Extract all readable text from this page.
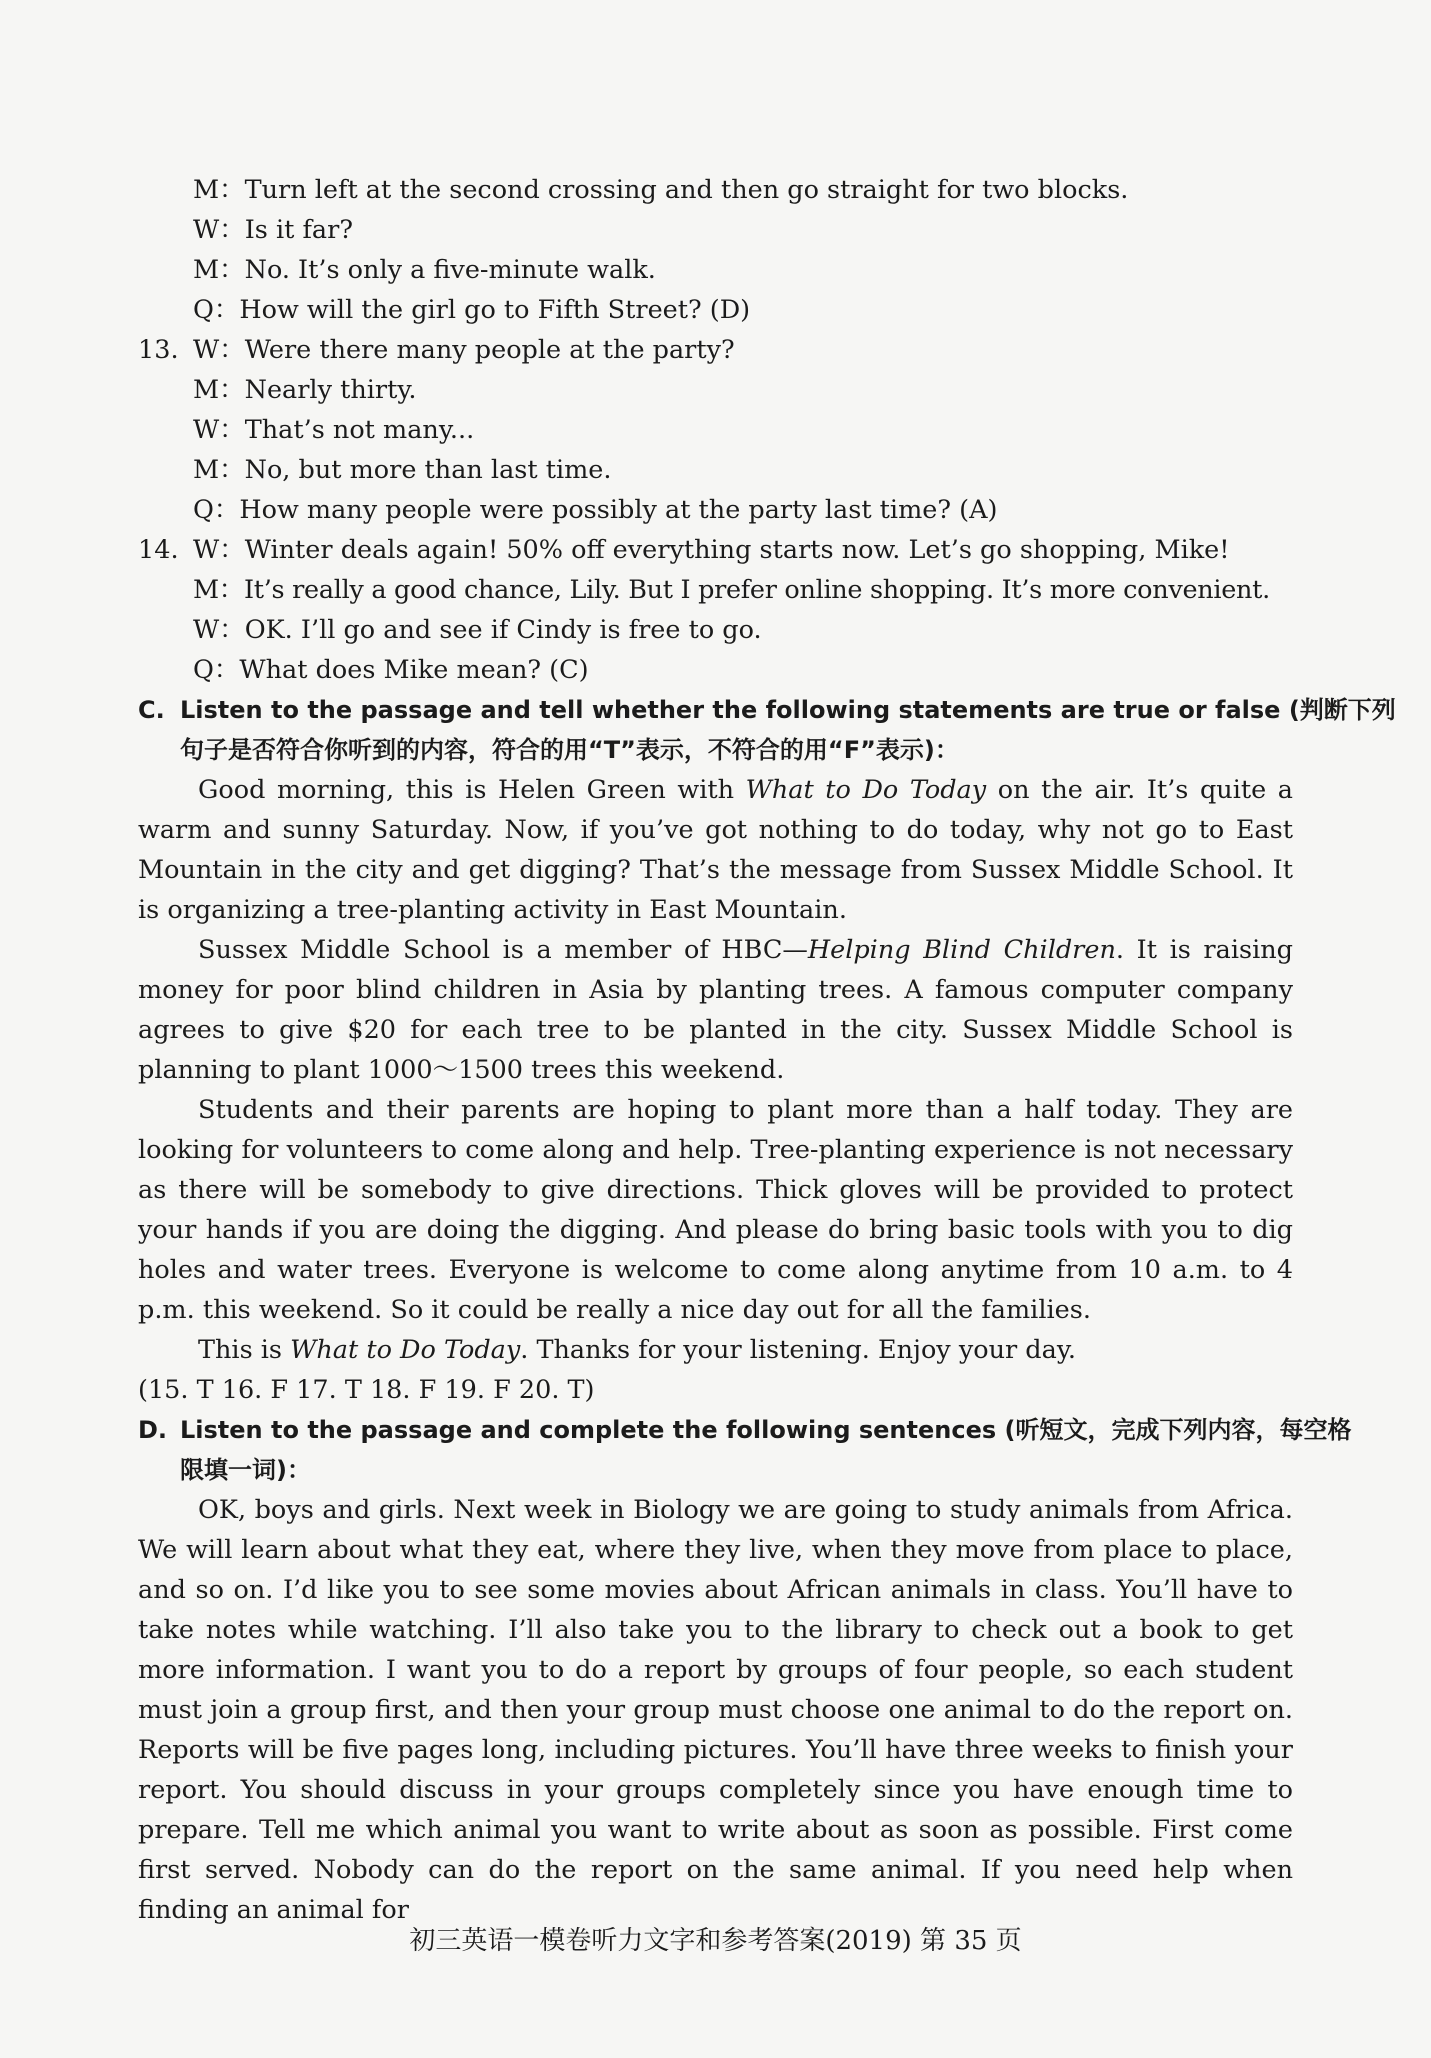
M：Turn left at the second crossing and then go straight for two blocks.
W：Is it far?
M：No. It’s only a five-minute walk.
Q：How will the girl go to Fifth Street? (D)
13. W： Were there many people at the party?
M：Nearly thirty.
W：That’s not many...
M：No, but more than last time.
Q：How many people were possibly at the party last time? (A)
14. W： Winter deals again! 50% off everything starts now. Let’s go shopping, Mike!
M：It’s really a good chance, Lily. But I prefer online shopping. It’s more convenient.
W：OK. I’ll go and see if Cindy is free to go.
Q：What does Mike mean? (C)
C. Listen to the passage and tell whether the following statements are true or false (判断下列
句子是否符合你听到的内容，符合的用“T”表示，不符合的用“F”表示)：

Good morning, this is Helen Green with What to Do Today on the air. It’s quite a warm and sunny Saturday. Now, if you’ve got nothing to do today, why not go to East Mountain in the city and get digging? That’s the message from Sussex Middle School. It is organizing a tree-planting activity in East Mountain.

Sussex Middle School is a member of HBC—Helping Blind Children. It is raising money for poor blind children in Asia by planting trees. A famous computer company agrees to give $20 for each tree to be planted in the city. Sussex Middle School is planning to plant 1000～1500 trees this weekend.

Students and their parents are hoping to plant more than a half today. They are looking for volunteers to come along and help. Tree-planting experience is not necessary as there will be somebody to give directions. Thick gloves will be provided to protect your hands if you are doing the digging. And please do bring basic tools with you to dig holes and water trees. Everyone is welcome to come along anytime from 10 a.m. to 4 p.m. this weekend. So it could be really a nice day out for all the families.

This is What to Do Today. Thanks for your listening. Enjoy your day.

(15. T 16. F 17. T 18. F 19. F 20. T)
D. Listen to the passage and complete the following sentences (听短文，完成下列内容，每空格
限填一词)：

OK, boys and girls. Next week in Biology we are going to study animals from Africa. We will learn about what they eat, where they live, when they move from place to place, and so on. I’d like you to see some movies about African animals in class. You’ll have to take notes while watching. I’ll also take you to the library to check out a book to get more information. I want you to do a report by groups of four people, so each student must join a group first, and then your group must choose one animal to do the report on. Reports will be five pages long, including pictures. You’ll have three weeks to finish your report. You should discuss in your groups completely since you have enough time to prepare. Tell me which animal you want to write about as soon as possible. First come first served. Nobody can do the report on the same animal. If you need help when finding an animal for

初三英语一模卷听力文字和参考答案(2019) 第 35 页
